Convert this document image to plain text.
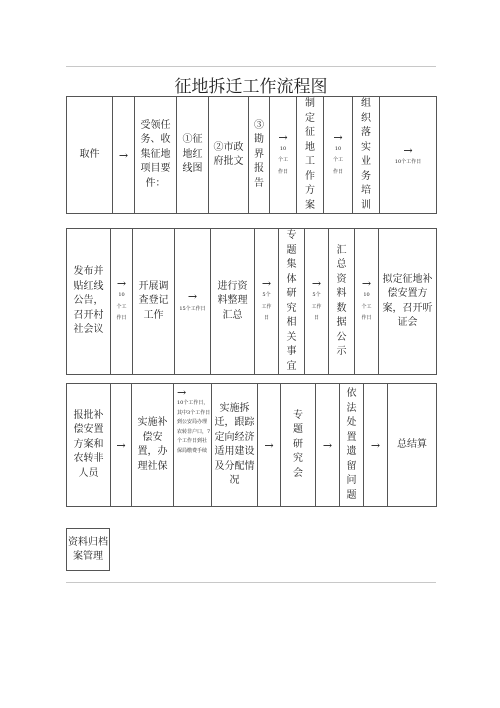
征地拆迁工作流程图
取件	→
	受领任务、收集征地项目要件：	①征地红线图	②市政府批文	③勘界报告	
→
10个工作日
	制定征地工作方案	
→
10个工作日
	组织落实业务培训	
→
10个工作日
发布并贴红线公告，召开村社会议	
→
10个工作日
	开展调查登记工作	
→
15个工作日
	进行资料整理汇总	
→
5个工作日
	专题集体研究相关事宜	
→
5个工作日
	汇总资料数据公示	
→
10个工作日
	拟定征地补偿安置方案，召开听证会
报批补偿安置方案和农转非人员	
→
	实施补偿安置，办理社保	
→
10个工作日，其中3个工作日到公安局办理农转非户口，7个工作日到社保局缴费手续
	实施拆迁，跟踪定向经济适用建设及分配情况	
→
	专题研究会	
→
	依法处置遗留问题	
→	总结算
资料归档案管理
